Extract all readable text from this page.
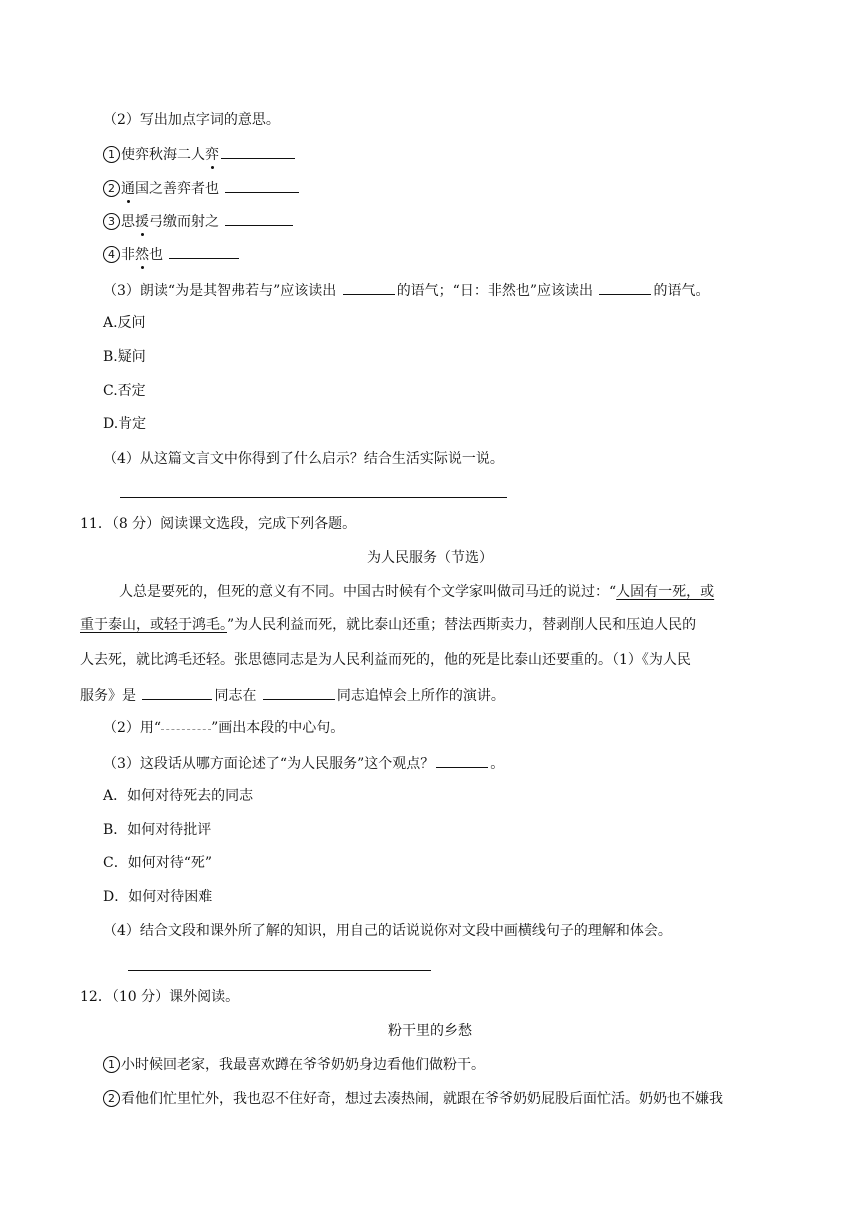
（2）写出加点字词的意思。
1 使弈秋海二人弈
2 通国之善弈者也
3 思援弓缴而射之
4 非然也
（3）朗读“为是其智弗若与”应该读出	的语气；“日：非然也”应该读出	的语气。
A.反问
B.疑问
C.否定
D.肯定
（4）从这篇文言文中你得到了什么启示？结合生活实际说一说。
11．（8 分）阅读课文选段，完成下列各题。
为人民服务（节选）
人总是要死的，但死的意义有不同。中国古时候有个文学家叫做司马迁的说过：“人固有一死，或
重于泰山，或轻于鸿毛。”为人民利益而死，就比泰山还重；替法西斯卖力，替剥削人民和压迫人民的
人去死，就比鸿毛还轻。张思德同志是为人民利益而死的，他的死是比泰山还要重的。（1）《为人民
服务》是	同志在	同志追悼会上所作的演讲。
（2）用“	”画出本段的中心句。
（3）这段话从哪方面论述了“为人民服务”这个观点？	。
A．如何对待死去的同志
B．如何对待批评
C．如何对待“死”
D．如何对待困难
（4）结合文段和课外所了解的知识，用自己的话说说你对文段中画横线句子的理解和体会。
12．（10 分）课外阅读。
粉干里的乡愁
1 小时候回老家，我最喜欢蹲在爷爷奶奶身边看他们做粉干。
2 看他们忙里忙外，我也忍不住好奇，想过去凑热闹，就跟在爷爷奶奶屁股后面忙活。奶奶也不嫌我
